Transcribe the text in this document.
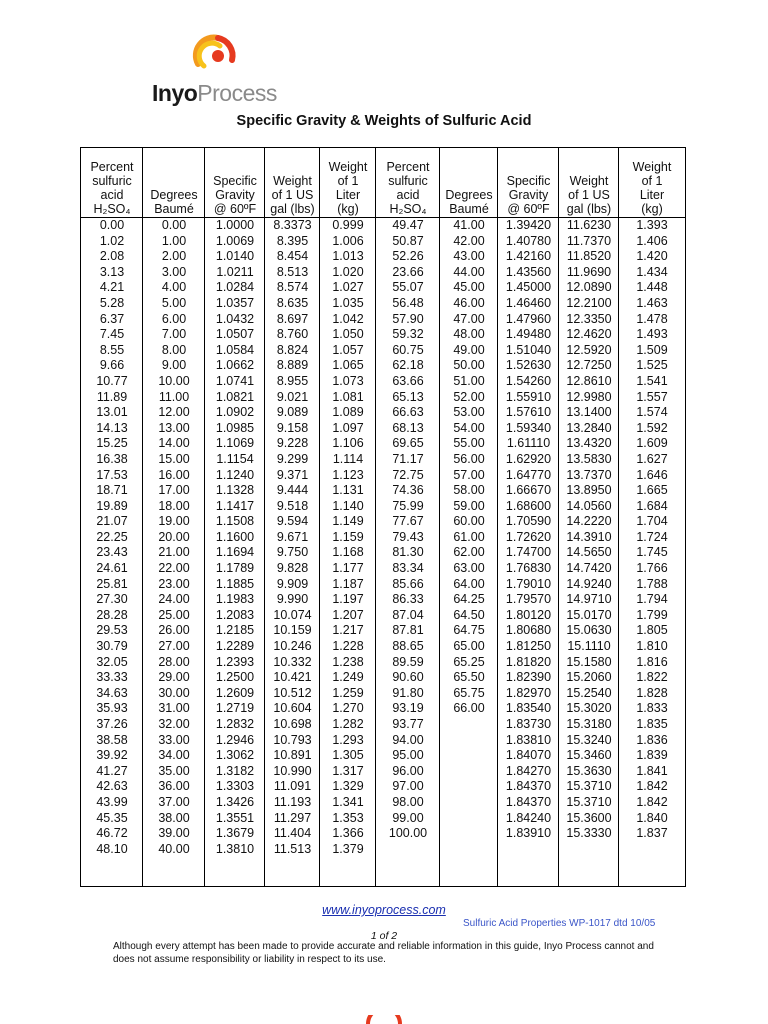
InyoProcess
Specific Gravity & Weights of Sulfuric Acid
Percent
sulfuric
acid
H₂SO₄
0.00
1.02
2.08
3.13
4.21
5.28
6.37
7.45
8.55
9.66
10.77
11.89
13.01
14.13
15.25
16.38
17.53
18.71
19.89
21.07
22.25
23.43
24.61
25.81
27.30
28.28
29.53
30.79
32.05
33.33
34.63
35.93
37.26
38.58
39.92
41.27
42.63
43.99
45.35
46.72
48.10
Degrees
Baumé
0.00
1.00
2.00
3.00
4.00
5.00
6.00
7.00
8.00
9.00
10.00
11.00
12.00
13.00
14.00
15.00
16.00
17.00
18.00
19.00
20.00
21.00
22.00
23.00
24.00
25.00
26.00
27.00
28.00
29.00
30.00
31.00
32.00
33.00
34.00
35.00
36.00
37.00
38.00
39.00
40.00
Specific
Gravity
@ 60ºF
1.0000
1.0069
1.0140
1.0211
1.0284
1.0357
1.0432
1.0507
1.0584
1.0662
1.0741
1.0821
1.0902
1.0985
1.1069
1.1154
1.1240
1.1328
1.1417
1.1508
1.1600
1.1694
1.1789
1.1885
1.1983
1.2083
1.2185
1.2289
1.2393
1.2500
1.2609
1.2719
1.2832
1.2946
1.3062
1.3182
1.3303
1.3426
1.3551
1.3679
1.3810
Weight
of 1 US
gal (lbs)
8.3373
8.395
8.454
8.513
8.574
8.635
8.697
8.760
8.824
8.889
8.955
9.021
9.089
9.158
9.228
9.299
9.371
9.444
9.518
9.594
9.671
9.750
9.828
9.909
9.990
10.074
10.159
10.246
10.332
10.421
10.512
10.604
10.698
10.793
10.891
10.990
11.091
11.193
11.297
11.404
11.513
Weight
of 1
Liter
(kg)
0.999
1.006
1.013
1.020
1.027
1.035
1.042
1.050
1.057
1.065
1.073
1.081
1.089
1.097
1.106
1.114
1.123
1.131
1.140
1.149
1.159
1.168
1.177
1.187
1.197
1.207
1.217
1.228
1.238
1.249
1.259
1.270
1.282
1.293
1.305
1.317
1.329
1.341
1.353
1.366
1.379
Percent
sulfuric
acid
H₂SO₄
49.47
50.87
52.26
23.66
55.07
56.48
57.90
59.32
60.75
62.18
63.66
65.13
66.63
68.13
69.65
71.17
72.75
74.36
75.99
77.67
79.43
81.30
83.34
85.66
86.33
87.04
87.81
88.65
89.59
90.60
91.80
93.19
93.77
94.00
95.00
96.00
97.00
98.00
99.00
100.00
Degrees
Baumé
41.00
42.00
43.00
44.00
45.00
46.00
47.00
48.00
49.00
50.00
51.00
52.00
53.00
54.00
55.00
56.00
57.00
58.00
59.00
60.00
61.00
62.00
63.00
64.00
64.25
64.50
64.75
65.00
65.25
65.50
65.75
66.00
Specific
Gravity
@ 60ºF
1.39420
1.40780
1.42160
1.43560
1.45000
1.46460
1.47960
1.49480
1.51040
1.52630
1.54260
1.55910
1.57610
1.59340
1.61110
1.62920
1.64770
1.66670
1.68600
1.70590
1.72620
1.74700
1.76830
1.79010
1.79570
1.80120
1.80680
1.81250
1.81820
1.82390
1.82970
1.83540
1.83730
1.83810
1.84070
1.84270
1.84370
1.84370
1.84240
1.83910
Weight
of 1 US
gal (lbs)
11.6230
11.7370
11.8520
11.9690
12.0890
12.2100
12.3350
12.4620
12.5920
12.7250
12.8610
12.9980
13.1400
13.2840
13.4320
13.5830
13.7370
13.8950
14.0560
14.2220
14.3910
14.5650
14.7420
14.9240
14.9710
15.0170
15.0630
15.1110
15.1580
15.2060
15.2540
15.3020
15.3180
15.3240
15.3460
15.3630
15.3710
15.3710
15.3600
15.3330
Weight
of 1
Liter
(kg)
1.393
1.406
1.420
1.434
1.448
1.463
1.478
1.493
1.509
1.525
1.541
1.557
1.574
1.592
1.609
1.627
1.646
1.665
1.684
1.704
1.724
1.745
1.766
1.788
1.794
1.799
1.805
1.810
1.816
1.822
1.828
1.833
1.835
1.836
1.839
1.841
1.842
1.842
1.840
1.837
www.inyoprocess.com
Sulfuric Acid Properties WP-1017 dtd 10/05
1 of 2
Although every attempt has been made to provide accurate and reliable information in this guide, Inyo Process cannot and does not assume responsibility or liability in respect to its use.
